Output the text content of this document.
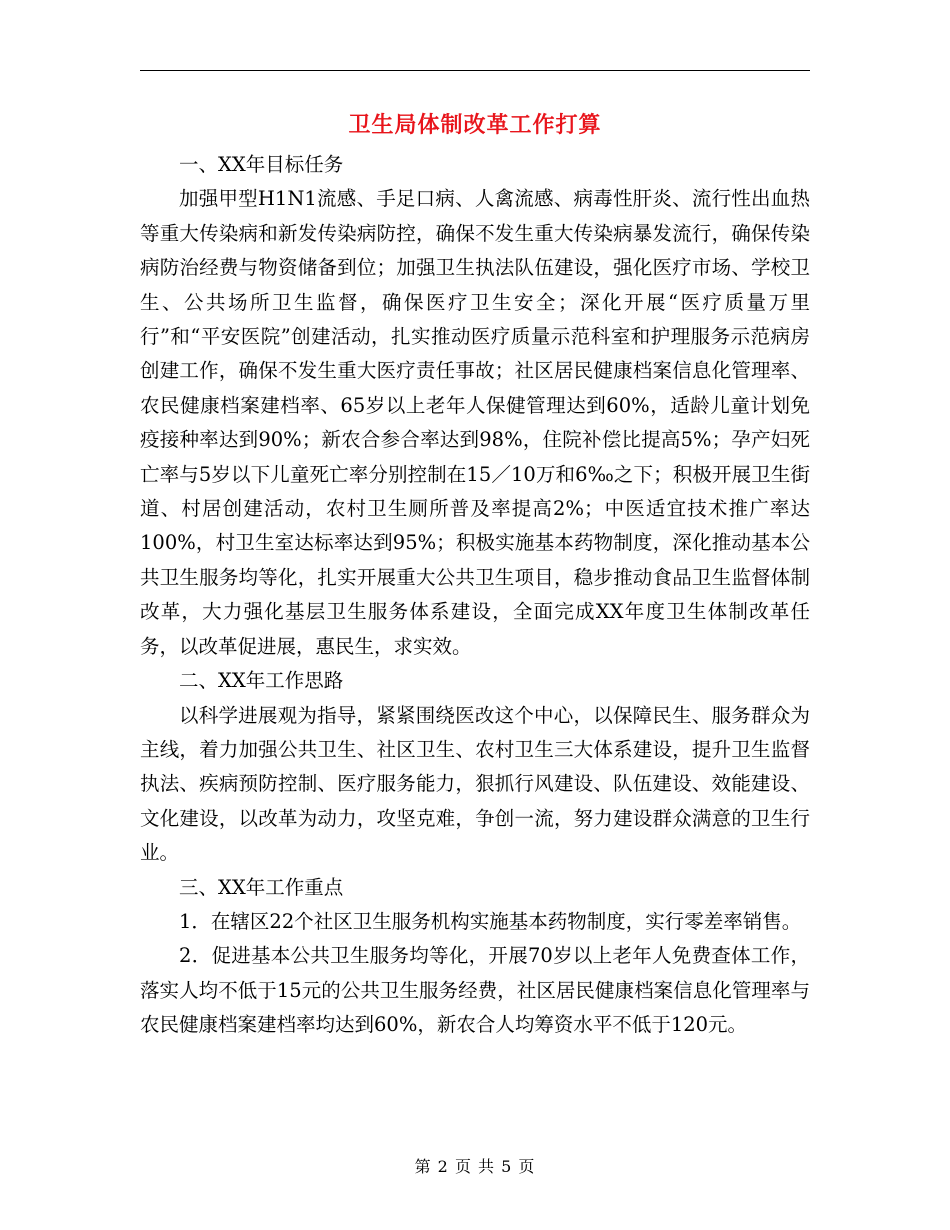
卫生局体制改革工作打算

一、XX年目标任务

加强甲型H1N1流感、手足口病、人禽流感、病毒性肝炎、流行性出血热等重大传染病和新发传染病防控，确保不发生重大传染病暴发流行，确保传染病防治经费与物资储备到位；加强卫生执法队伍建设，强化医疗市场、学校卫生、公共场所卫生监督，确保医疗卫生安全；深化开展“医疗质量万里行”和“平安医院”创建活动，扎实推动医疗质量示范科室和护理服务示范病房创建工作，确保不发生重大医疗责任事故；社区居民健康档案信息化管理率、农民健康档案建档率、65岁以上老年人保健管理达到60%，适龄儿童计划免疫接种率达到90%；新农合参合率达到98%，住院补偿比提高5%；孕产妇死亡率与5岁以下儿童死亡率分别控制在15／10万和6‰之下；积极开展卫生街道、村居创建活动，农村卫生厕所普及率提高2%；中医适宜技术推广率达100%，村卫生室达标率达到95%；积极实施基本药物制度，深化推动基本公共卫生服务均等化，扎实开展重大公共卫生项目，稳步推动食品卫生监督体制改革，大力强化基层卫生服务体系建设，全面完成XX年度卫生体制改革任务，以改革促进展，惠民生，求实效。

二、XX年工作思路

以科学进展观为指导，紧紧围绕医改这个中心，以保障民生、服务群众为主线，着力加强公共卫生、社区卫生、农村卫生三大体系建设，提升卫生监督执法、疾病预防控制、医疗服务能力，狠抓行风建设、队伍建设、效能建设、文化建设，以改革为动力，攻坚克难，争创一流，努力建设群众满意的卫生行业。

三、XX年工作重点

1．在辖区22个社区卫生服务机构实施基本药物制度，实行零差率销售。

2．促进基本公共卫生服务均等化，开展70岁以上老年人免费查体工作，落实人均不低于15元的公共卫生服务经费，社区居民健康档案信息化管理率与农民健康档案建档率均达到60%，新农合人均筹资水平不低于120元。

第 2 页 共 5 页
